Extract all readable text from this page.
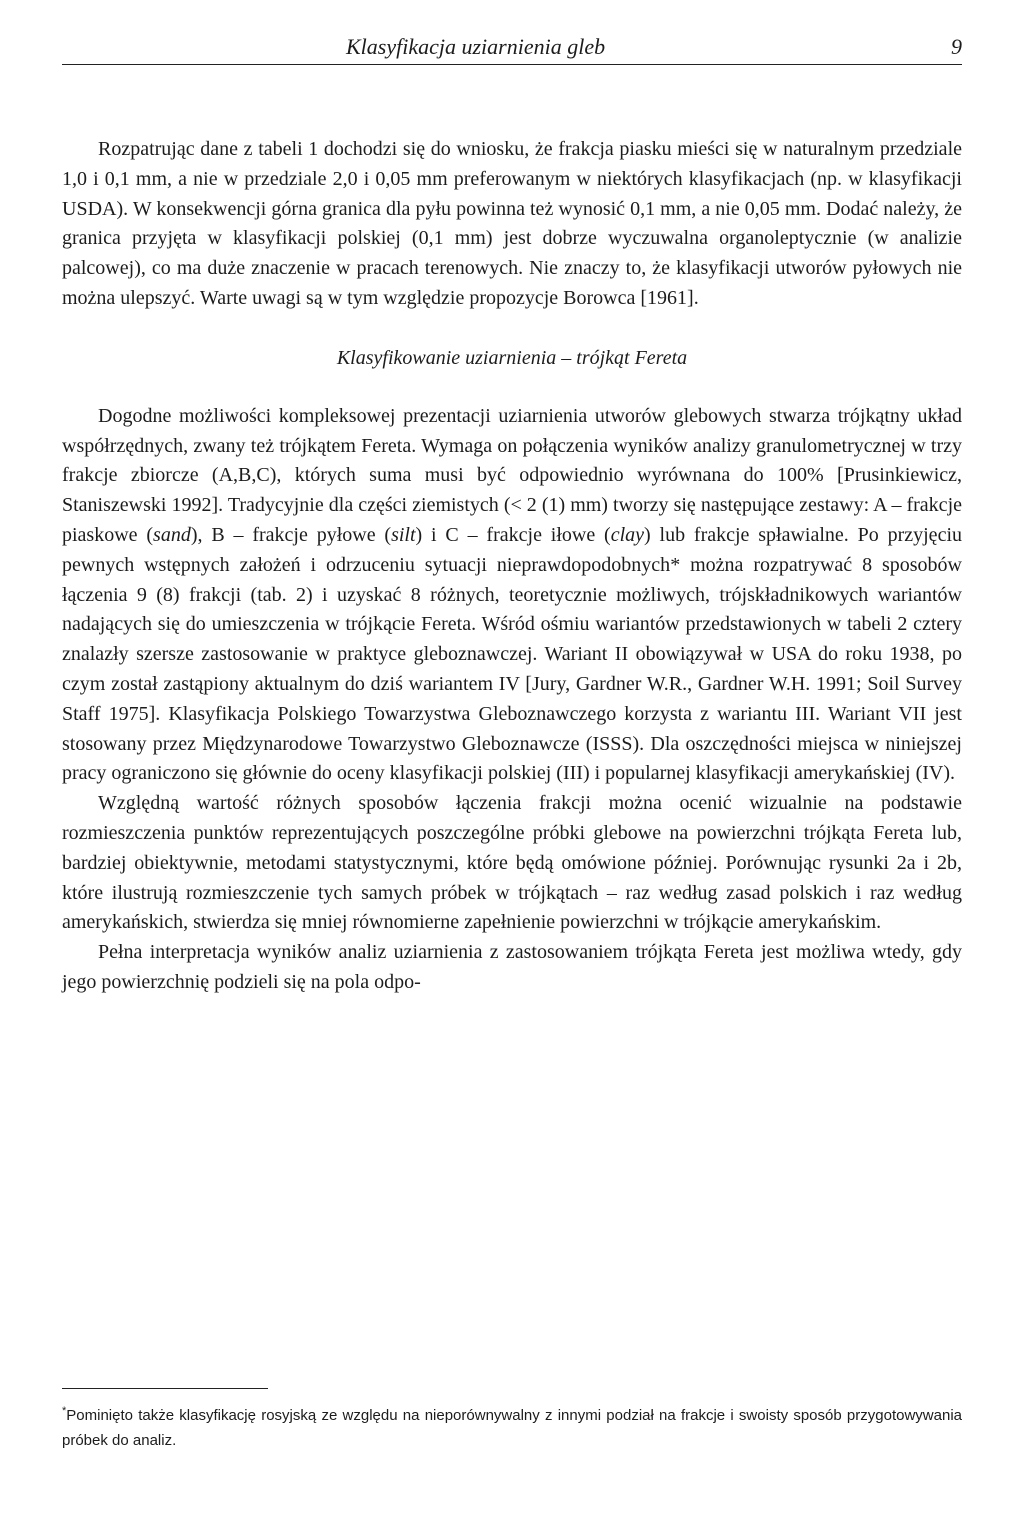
Klasyfikacja uziarnienia gleb	9

Rozpatrując dane z tabeli 1 dochodzi się do wniosku, że frakcja piasku mieści się w naturalnym przedziale 1,0 i 0,1 mm, a nie w przedziale 2,0 i 0,05 mm preferowanym w niektórych klasyfikacjach (np. w klasyfikacji USDA). W konsekwencji górna granica dla pyłu powinna też wynosić 0,1 mm, a nie 0,05 mm. Dodać należy, że granica przyjęta w klasyfikacji polskiej (0,1 mm) jest dobrze wyczuwalna organoleptycznie (w analizie palcowej), co ma duże znaczenie w pracach terenowych. Nie znaczy to, że klasyfikacji utworów pyłowych nie można ulepszyć. Warte uwagi są w tym względzie propozycje Borowca [1961].

Klasyfikowanie uziarnienia – trójkąt Fereta

Dogodne możliwości kompleksowej prezentacji uziarnienia utworów glebowych stwarza trójkątny układ współrzędnych, zwany też trójkątem Fereta. Wymaga on połączenia wyników analizy granulometrycznej w trzy frakcje zbiorcze (A,B,C), których suma musi być odpowiednio wyrównana do 100% [Prusinkiewicz, Staniszewski 1992]. Tradycyjnie dla części ziemistych (< 2 (1) mm) tworzy się następujące zestawy: A – frakcje piaskowe (sand), B – frakcje pyłowe (silt) i C – frakcje iłowe (clay) lub frakcje spławialne. Po przyjęciu pewnych wstępnych założeń i odrzuceniu sytuacji nieprawdopodobnych* można rozpatrywać 8 sposobów łączenia 9 (8) frakcji (tab. 2) i uzyskać 8 różnych, teoretycznie możliwych, trójskładnikowych wariantów nadających się do umieszczenia w trójkącie Fereta. Wśród ośmiu wariantów przedstawionych w tabeli 2 cztery znalazły szersze zastosowanie w praktyce gleboznawczej. Wariant II obowiązywał w USA do roku 1938, po czym został zastąpiony aktualnym do dziś wariantem IV [Jury, Gardner W.R., Gardner W.H. 1991; Soil Survey Staff 1975]. Klasyfikacja Polskiego Towarzystwa Gleboznawczego korzysta z wariantu III. Wariant VII jest stosowany przez Międzynarodowe Towarzystwo Gleboznawcze (ISSS). Dla oszczędności miejsca w niniejszej pracy ograniczono się głównie do oceny klasyfikacji polskiej (III) i popularnej klasyfikacji amerykańskiej (IV).

Względną wartość różnych sposobów łączenia frakcji można ocenić wizualnie na podstawie rozmieszczenia punktów reprezentujących poszczególne próbki glebowe na powierzchni trójkąta Fereta lub, bardziej obiektywnie, metodami statystycznymi, które będą omówione później. Porównując rysunki 2a i 2b, które ilustrują rozmieszczenie tych samych próbek w trójkątach – raz według zasad polskich i raz według amerykańskich, stwierdza się mniej równomierne zapełnienie powierzchni w trójkącie amerykańskim.

Pełna interpretacja wyników analiz uziarnienia z zastosowaniem trójkąta Fereta jest możliwa wtedy, gdy jego powierzchnię podzieli się na pola odpo-

*Pominięto także klasyfikację rosyjską ze względu na nieporównywalny z innymi podział na frakcje i swoisty sposób przygotowywania próbek do analiz.
